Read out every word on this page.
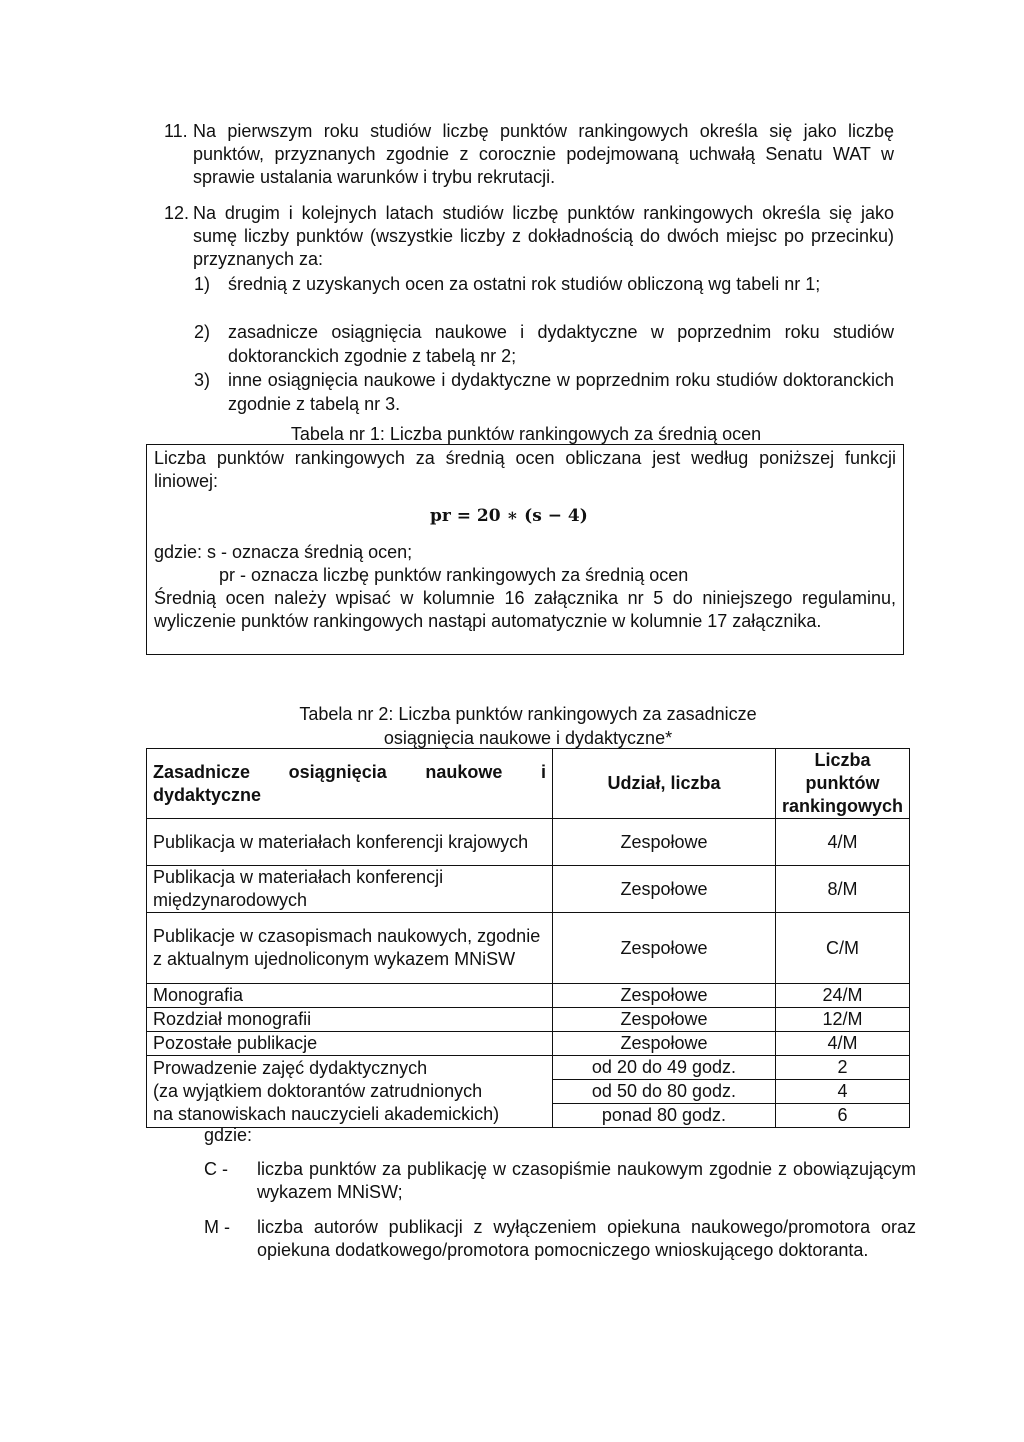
11. Na pierwszym roku studiów liczbę punktów rankingowych określa się jako liczbę punktów, przyznanych zgodnie z corocznie podejmowaną uchwałą Senatu WAT w sprawie ustalania warunków i trybu rekrutacji.
12. Na drugim i kolejnych latach studiów liczbę punktów rankingowych określa się jako sumę liczby punktów (wszystkie liczby z dokładnością do dwóch miejsc po przecinku) przyznanych za:
1) średnią z uzyskanych ocen za ostatni rok studiów obliczoną wg tabeli nr 1;
2) zasadnicze osiągnięcia naukowe i dydaktyczne w poprzednim roku studiów doktoranckich zgodnie z tabelą nr 2;
3) inne osiągnięcia naukowe i dydaktyczne w poprzednim roku studiów doktoranckich zgodnie z tabelą nr 3.
Tabela nr 1: Liczba punktów rankingowych za średnią ocen
Liczba punktów rankingowych za średnią ocen obliczana jest według poniższej funkcji liniowej:
gdzie: s - oznacza średnią ocen;
pr - oznacza liczbę punktów rankingowych za średnią ocen
Średnią ocen należy wpisać w kolumnie 16 załącznika nr 5 do niniejszego regulaminu, wyliczenie punktów rankingowych nastąpi automatycznie w kolumnie 17 załącznika.
pr = 20 ∗ (s − 4)
Tabela nr 2: Liczba punktów rankingowych za zasadnicze
osiągnięcia naukowe i dydaktyczne*
Zasadnicze osiągnięcia naukowe i dydaktyczne	Udział, liczba	Liczba punktów rankingowych
Publikacja w materiałach konferencji krajowych	Zespołowe	4/M
Publikacja w materiałach konferencji międzynarodowych	Zespołowe	8/M
Publikacje w czasopismach naukowych, zgodnie z aktualnym ujednoliconym wykazem MNiSW	Zespołowe	C/M
Monografia	Zespołowe	24/M
Rozdział monografii	Zespołowe	12/M
Pozostałe publikacje	Zespołowe	4/M

Prowadzenie zajęć dydaktycznych
(za wyjątkiem doktorantów zatrudnionych
na stanowiskach nauczycieli akademickich)	od 20 do 49 godz.	2
	od 50 do 80 godz.	4
	ponad 80 godz.	6
gdzie:
C - liczba punktów za publikację w czasopiśmie naukowym zgodnie z obowiązującym wykazem MNiSW;
M - liczba autorów publikacji z wyłączeniem opiekuna naukowego/promotora oraz opiekuna dodatkowego/promotora pomocniczego wnioskującego doktoranta.
